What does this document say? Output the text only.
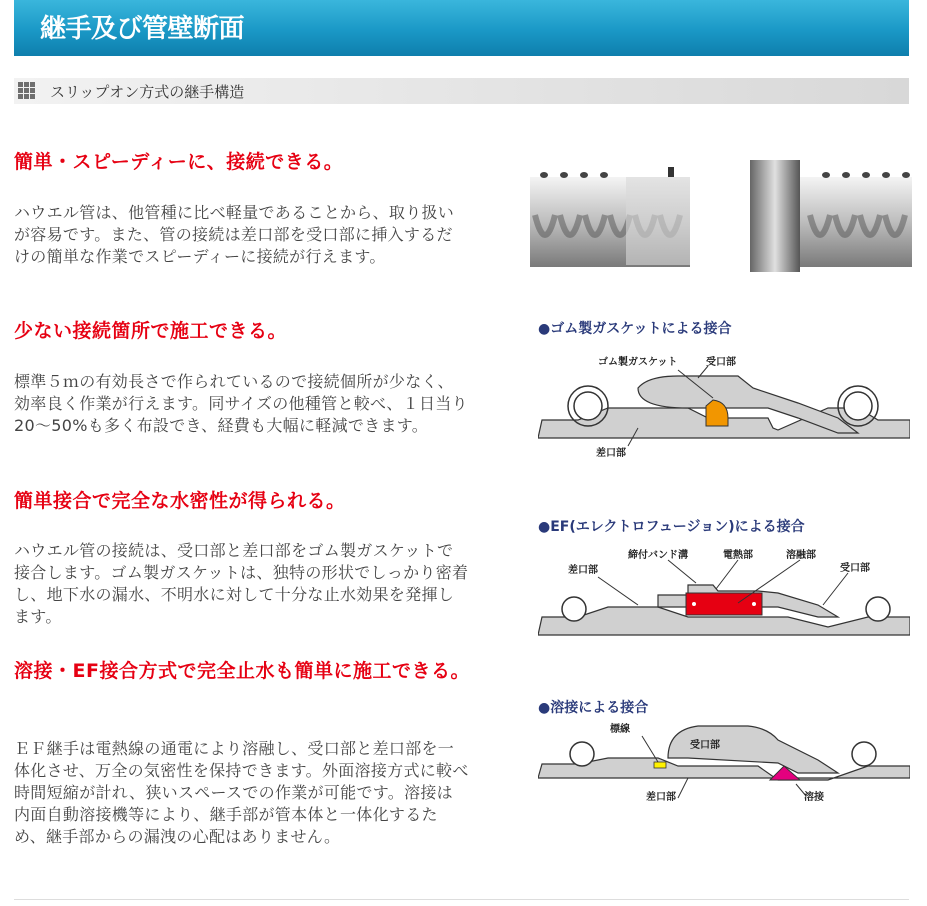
継手及び管壁断面
スリップオン方式の継手構造
簡単・スピーディーに、接続できる。
ハウエル管は、他管種に比べ軽量であることから、取り扱いが容易です。また、管の接続は差口部を受口部に挿入するだけの簡単な作業でスピーディーに接続が行えます。
少ない接続箇所で施工できる。
標準５ｍの有効長さで作られているので接続個所が少なく、効率良く作業が行えます。同サイズの他種管と較べ、１日当り20～50%も多く布設でき、経費も大幅に軽減できます。
簡単接合で完全な水密性が得られる。
ハウエル管の接続は、受口部と差口部をゴム製ガスケットで接合します。ゴム製ガスケットは、独特の形状でしっかり密着し、地下水の漏水、不明水に対して十分な止水効果を発揮します。
溶接・EF接合方式で完全止水も簡単に施工できる。
ＥＦ継手は電熱線の通電により溶融し、受口部と差口部を一体化させ、万全の気密性を保持できます。外面溶接方式に較べ時間短縮が計れ、狭いスペースでの作業が可能です。溶接は内面自動溶接機等により、継手部が管本体と一体化するため、継手部からの漏洩の心配はありません。
●ゴム製ガスケットによる接合
ゴム製ガスケット	受口部
差口部
●EF(エレクトロフュージョン)による接合
締付バンド溝	電熱部	溶融部
差口部	受口部
●溶接による接合
標線
受口部
差口部	溶接
